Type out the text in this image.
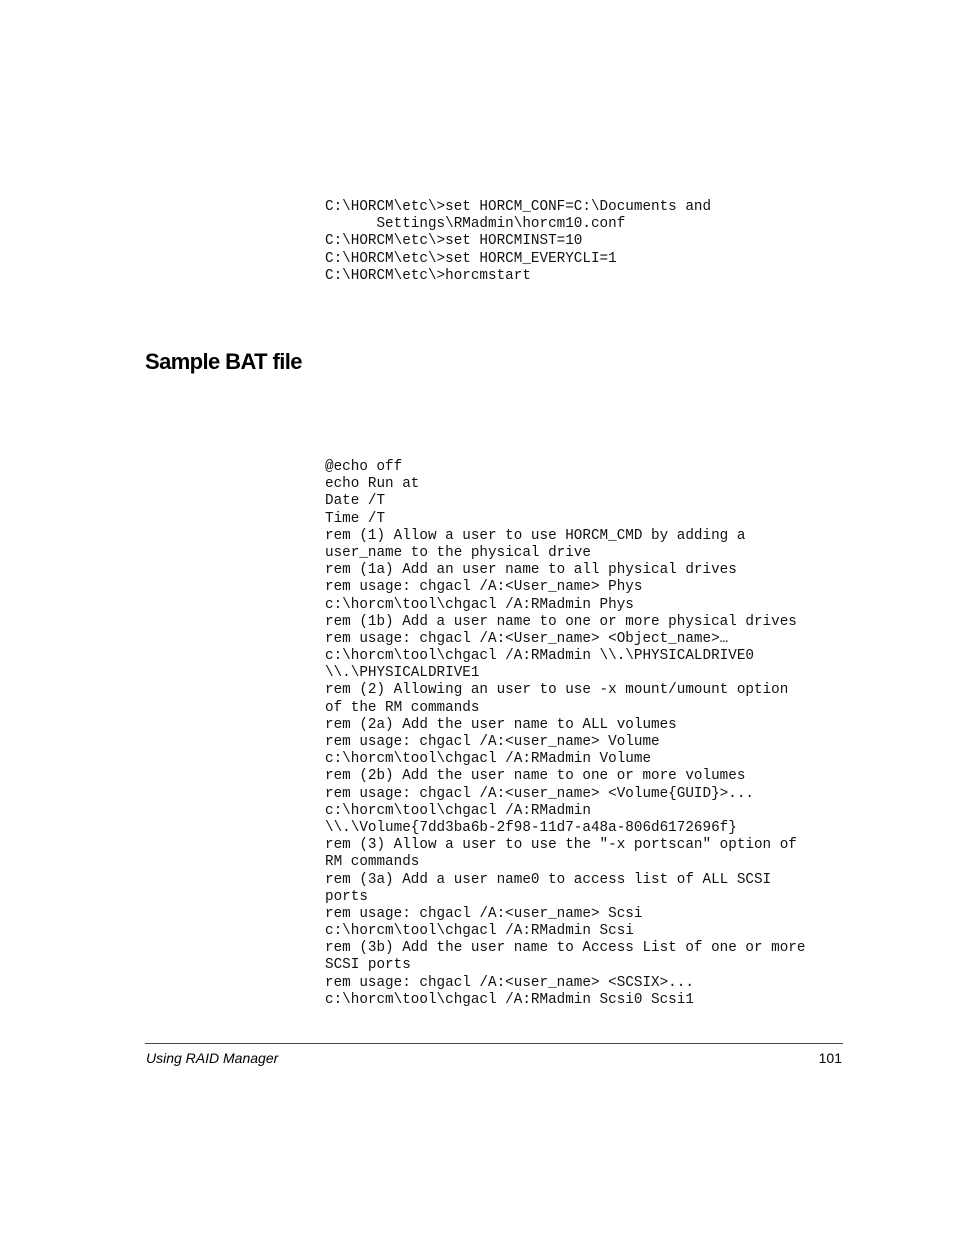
C:\HORCM\etc\>set HORCM_CONF=C:\Documents and
Settings\RMadmin\horcm10.conf
C:\HORCM\etc\>set HORCMINST=10
C:\HORCM\etc\>set HORCM_EVERYCLI=1
C:\HORCM\etc\>horcmstart
Sample BAT file
@echo off
echo Run at
Date /T
Time /T
rem (1) Allow a user to use HORCM_CMD by adding a
user_name to the physical drive
rem (1a) Add an user name to all physical drives
rem usage: chgacl /A:<User_name> Phys
c:\horcm\tool\chgacl /A:RMadmin Phys
rem (1b) Add a user name to one or more physical drives
rem usage: chgacl /A:<User_name> <Object_name>…
c:\horcm\tool\chgacl /A:RMadmin \\.\PHYSICALDRIVE0
\\.\PHYSICALDRIVE1
rem (2) Allowing an user to use -x mount/umount option
of the RM commands
rem (2a) Add the user name to ALL volumes
rem usage: chgacl /A:<user_name> Volume
c:\horcm\tool\chgacl /A:RMadmin Volume
rem (2b) Add the user name to one or more volumes
rem usage: chgacl /A:<user_name> <Volume{GUID}>...
c:\horcm\tool\chgacl /A:RMadmin
\\.\Volume{7dd3ba6b-2f98-11d7-a48a-806d6172696f}
rem (3) Allow a user to use the "-x portscan" option of
RM commands
rem (3a) Add a user name0 to access list of ALL SCSI
ports
rem usage: chgacl /A:<user_name> Scsi
c:\horcm\tool\chgacl /A:RMadmin Scsi
rem (3b) Add the user name to Access List of one or more
SCSI ports
rem usage: chgacl /A:<user_name> <SCSIX>...
c:\horcm\tool\chgacl /A:RMadmin Scsi0 Scsi1
Using RAID Manager	101
